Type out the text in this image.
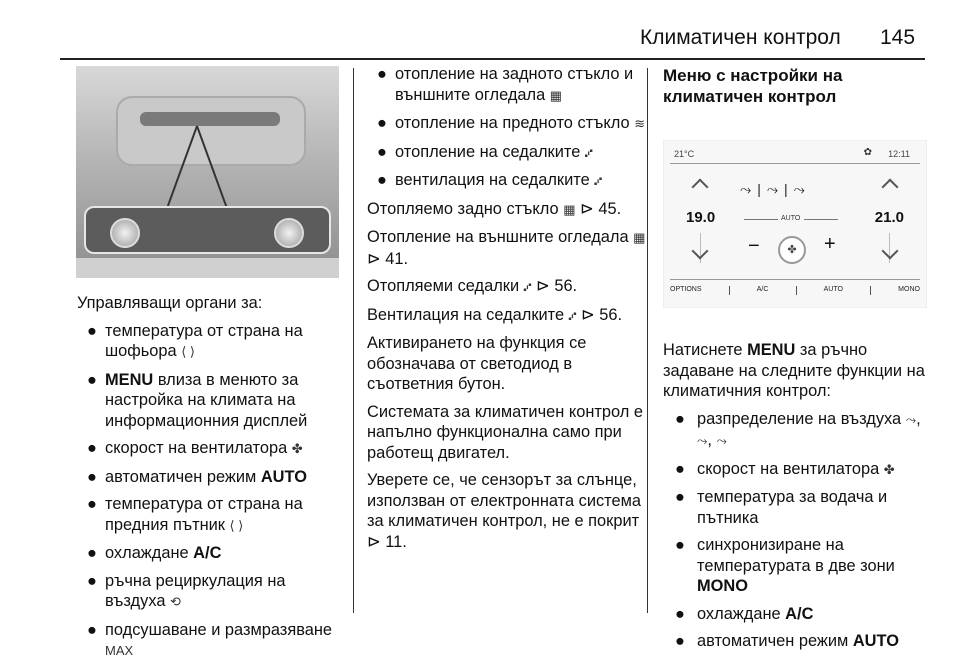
Климатичен контрол 145
Управляващи органи за:
● температура от страна на шофьора ⟨ ⟩
● MENU влиза в менюто за настройка на климата на информационния дисплей
● скорост на вентилатора ✤
● автоматичен режим AUTO
● температура от страна на предния пътник ⟨ ⟩
● охлаждане A/C
● ръчна рециркулация на въздуха ⟲
● подсушаване и размразяване MAX
● отопление на задното стъкло и външните огледала ▦
● отопление на предното стъкло ≋
● отопление на седалките ⑇
● вентилация на седалките ⑇
Отопляемо задно стъкло ▦ ⊳ 45.
Отопление на външните огледала ▦ ⊳ 41.
Отопляеми седалки ⑇ ⊳ 56.
Вентилация на седалките ⑇ ⊳ 56.
Активирането на функция се обозначава от светодиод в съответния бутон.
Системата за климатичен контрол е напълно функционална само при работещ двигател.
Уверете се, че сензорът за слънце, използван от електронната система за климатичен контрол, не е покрит ⊳ 11.
Меню с настройки на климатичен контрол
21°C	✿ 12:11
19.0	21.0
⤳|⤳|⤳
AUTO
−	✤	+
OPTIONS	A/C	AUTO	MONO
Натиснете MENU за ръчно задаване на следните функции на климатичния контрол:
● разпределение на въздуха ⤳, ⤳, ⤳
● скорост на вентилатора ✤
● температура за водача и пътника
● синхронизиране на температурата в две зони MONO
● охлаждане A/C
● автоматичен режим AUTO
